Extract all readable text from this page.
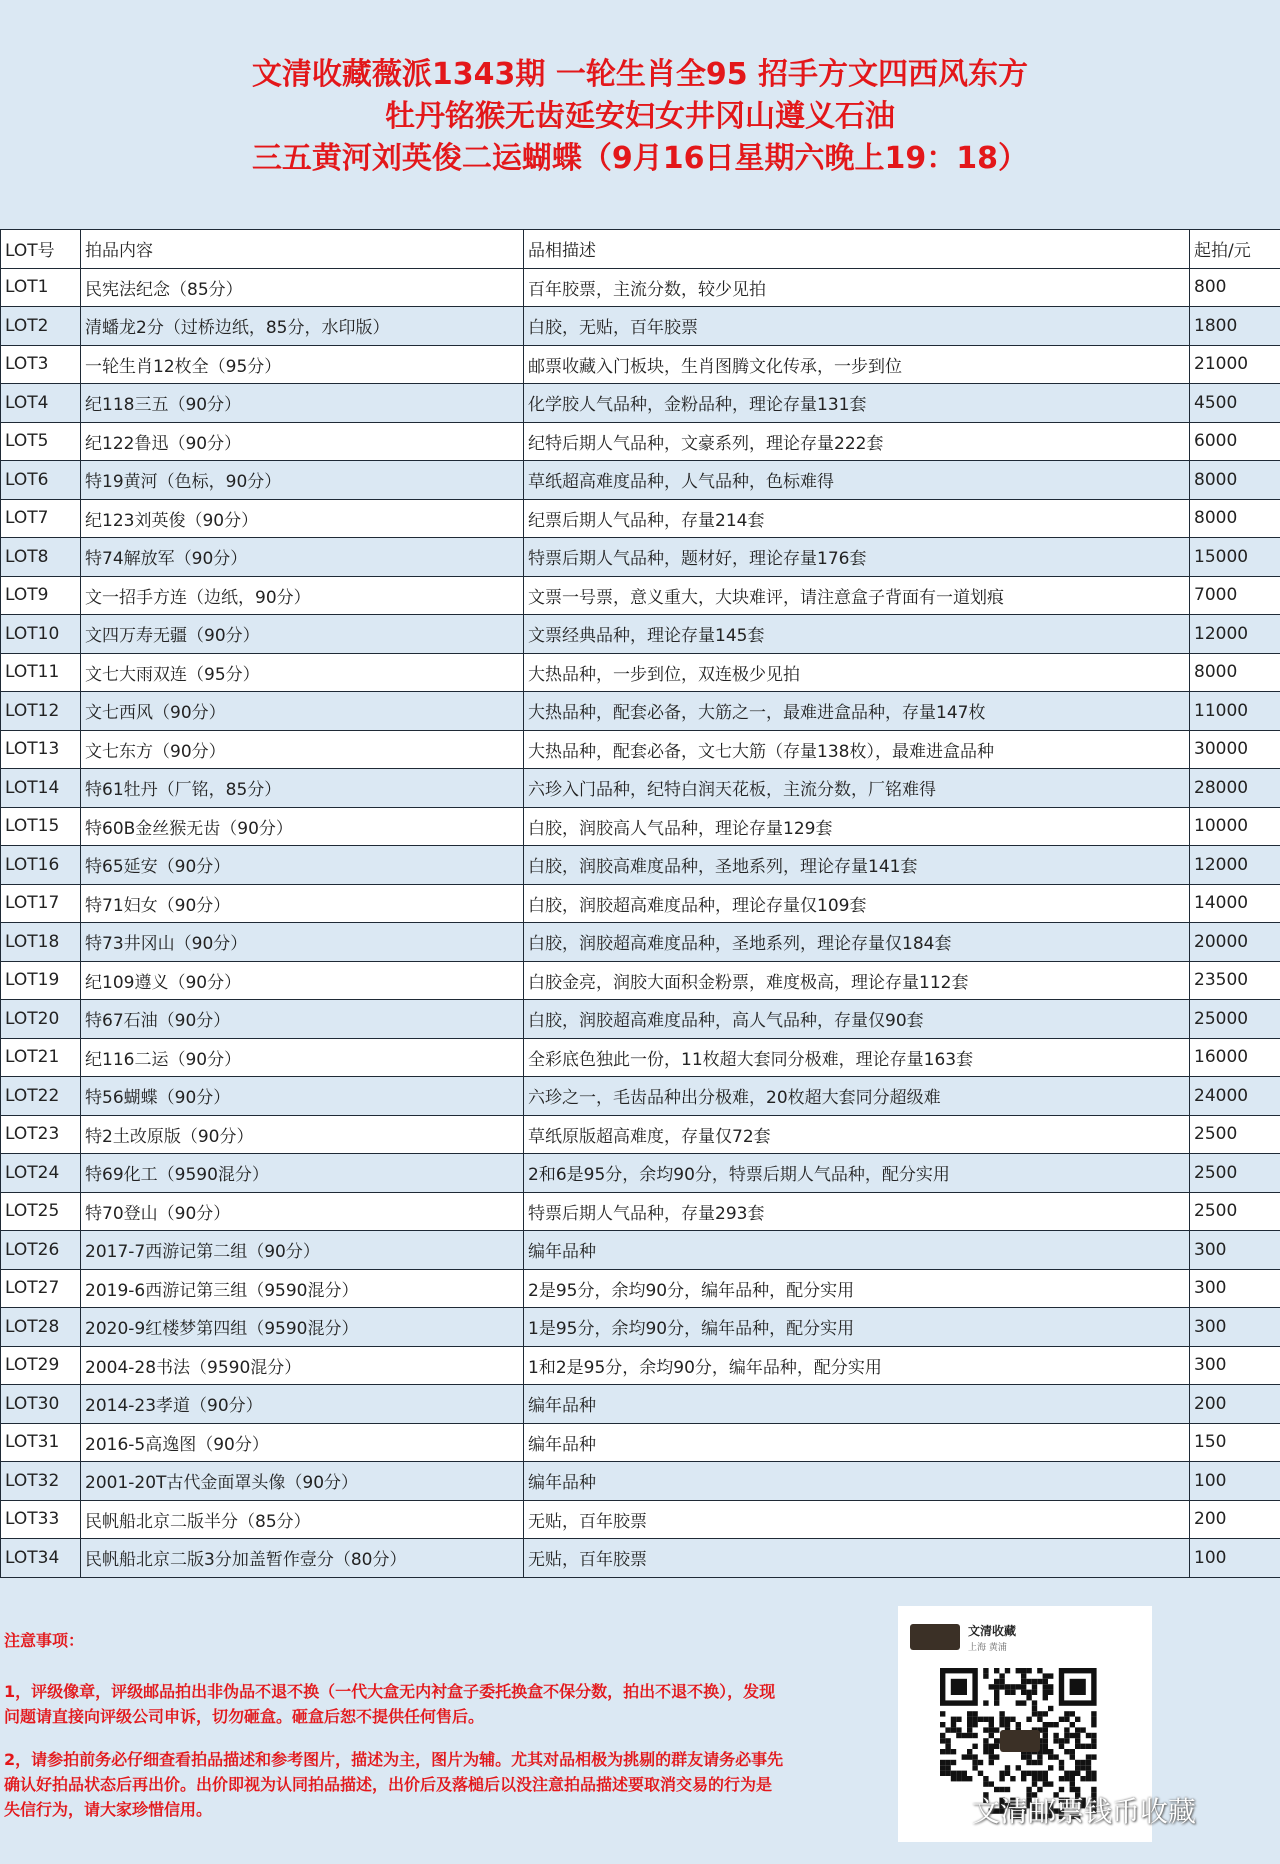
文清收藏薇派1343期 一轮生肖全95 招手方文四西风东方
牡丹铭猴无齿延安妇女井冈山遵义石油
三五黄河刘英俊二运蝴蝶（9月16日星期六晚上19：18）
LOT号	拍品内容	品相描述	起拍/元
LOT1	民宪法纪念（85分）	百年胶票，主流分数，较少见拍	800
LOT2	清蟠龙2分（过桥边纸，85分，水印版）	白胶，无贴，百年胶票	1800
LOT3	一轮生肖12枚全（95分）	邮票收藏入门板块，生肖图腾文化传承，一步到位	21000
LOT4	纪118三五（90分）	化学胶人气品种，金粉品种，理论存量131套	4500
LOT5	纪122鲁迅（90分）	纪特后期人气品种，文豪系列，理论存量222套	6000
LOT6	特19黄河（色标，90分）	草纸超高难度品种，人气品种，色标难得	8000
LOT7	纪123刘英俊（90分）	纪票后期人气品种，存量214套	8000
LOT8	特74解放军（90分）	特票后期人气品种，题材好，理论存量176套	15000
LOT9	文一招手方连（边纸，90分）	文票一号票，意义重大，大块难评，请注意盒子背面有一道划痕	7000
LOT10	文四万寿无疆（90分）	文票经典品种，理论存量145套	12000
LOT11	文七大雨双连（95分）	大热品种，一步到位，双连极少见拍	8000
LOT12	文七西风（90分）	大热品种，配套必备，大筋之一，最难进盒品种，存量147枚	11000
LOT13	文七东方（90分）	大热品种，配套必备，文七大筋（存量138枚），最难进盒品种	30000
LOT14	特61牡丹（厂铭，85分）	六珍入门品种，纪特白润天花板，主流分数，厂铭难得	28000
LOT15	特60B金丝猴无齿（90分）	白胶，润胶高人气品种，理论存量129套	10000
LOT16	特65延安（90分）	白胶，润胶高难度品种，圣地系列，理论存量141套	12000
LOT17	特71妇女（90分）	白胶，润胶超高难度品种，理论存量仅109套	14000
LOT18	特73井冈山（90分）	白胶，润胶超高难度品种，圣地系列，理论存量仅184套	20000
LOT19	纪109遵义（90分）	白胶金亮，润胶大面积金粉票，难度极高，理论存量112套	23500
LOT20	特67石油（90分）	白胶，润胶超高难度品种，高人气品种，存量仅90套	25000
LOT21	纪116二运（90分）	全彩底色独此一份，11枚超大套同分极难，理论存量163套	16000
LOT22	特56蝴蝶（90分）	六珍之一，毛齿品种出分极难，20枚超大套同分超级难	24000
LOT23	特2土改原版（90分）	草纸原版超高难度，存量仅72套	2500
LOT24	特69化工（9590混分）	2和6是95分，余均90分，特票后期人气品种，配分实用	2500
LOT25	特70登山（90分）	特票后期人气品种，存量293套	2500
LOT26	2017-7西游记第二组（90分）	编年品种	300
LOT27	2019-6西游记第三组（9590混分）	2是95分，余均90分，编年品种，配分实用	300
LOT28	2020-9红楼梦第四组（9590混分）	1是95分，余均90分，编年品种，配分实用	300
LOT29	2004-28书法（9590混分）	1和2是95分，余均90分，编年品种，配分实用	300
LOT30	2014-23孝道（90分）	编年品种	200
LOT31	2016-5高逸图（90分）	编年品种	150
LOT32	2001-20T古代金面罩头像（90分）	编年品种	100
LOT33	民帆船北京二版半分（85分）	无贴，百年胶票	200
LOT34	民帆船北京二版3分加盖暂作壹分（80分）	无贴，百年胶票	100

注意事项：

1，评级像章，评级邮品拍出非伪品不退不换（一代大盒无内衬盒子委托换盒不保分数，拍出不退不换），发现问题请直接向评级公司申诉，切勿砸盒。砸盒后恕不提供任何售后。

2，请参拍前务必仔细查看拍品描述和参考图片，描述为主，图片为辅。尤其对品相极为挑剔的群友请务必事先确认好拍品状态后再出价。出价即视为认同拍品描述，出价后及落槌后以没注意拍品描述要取消交易的行为是失信行为，请大家珍惜信用。

文清收藏
上海 黄浦
文清邮票钱币收藏
